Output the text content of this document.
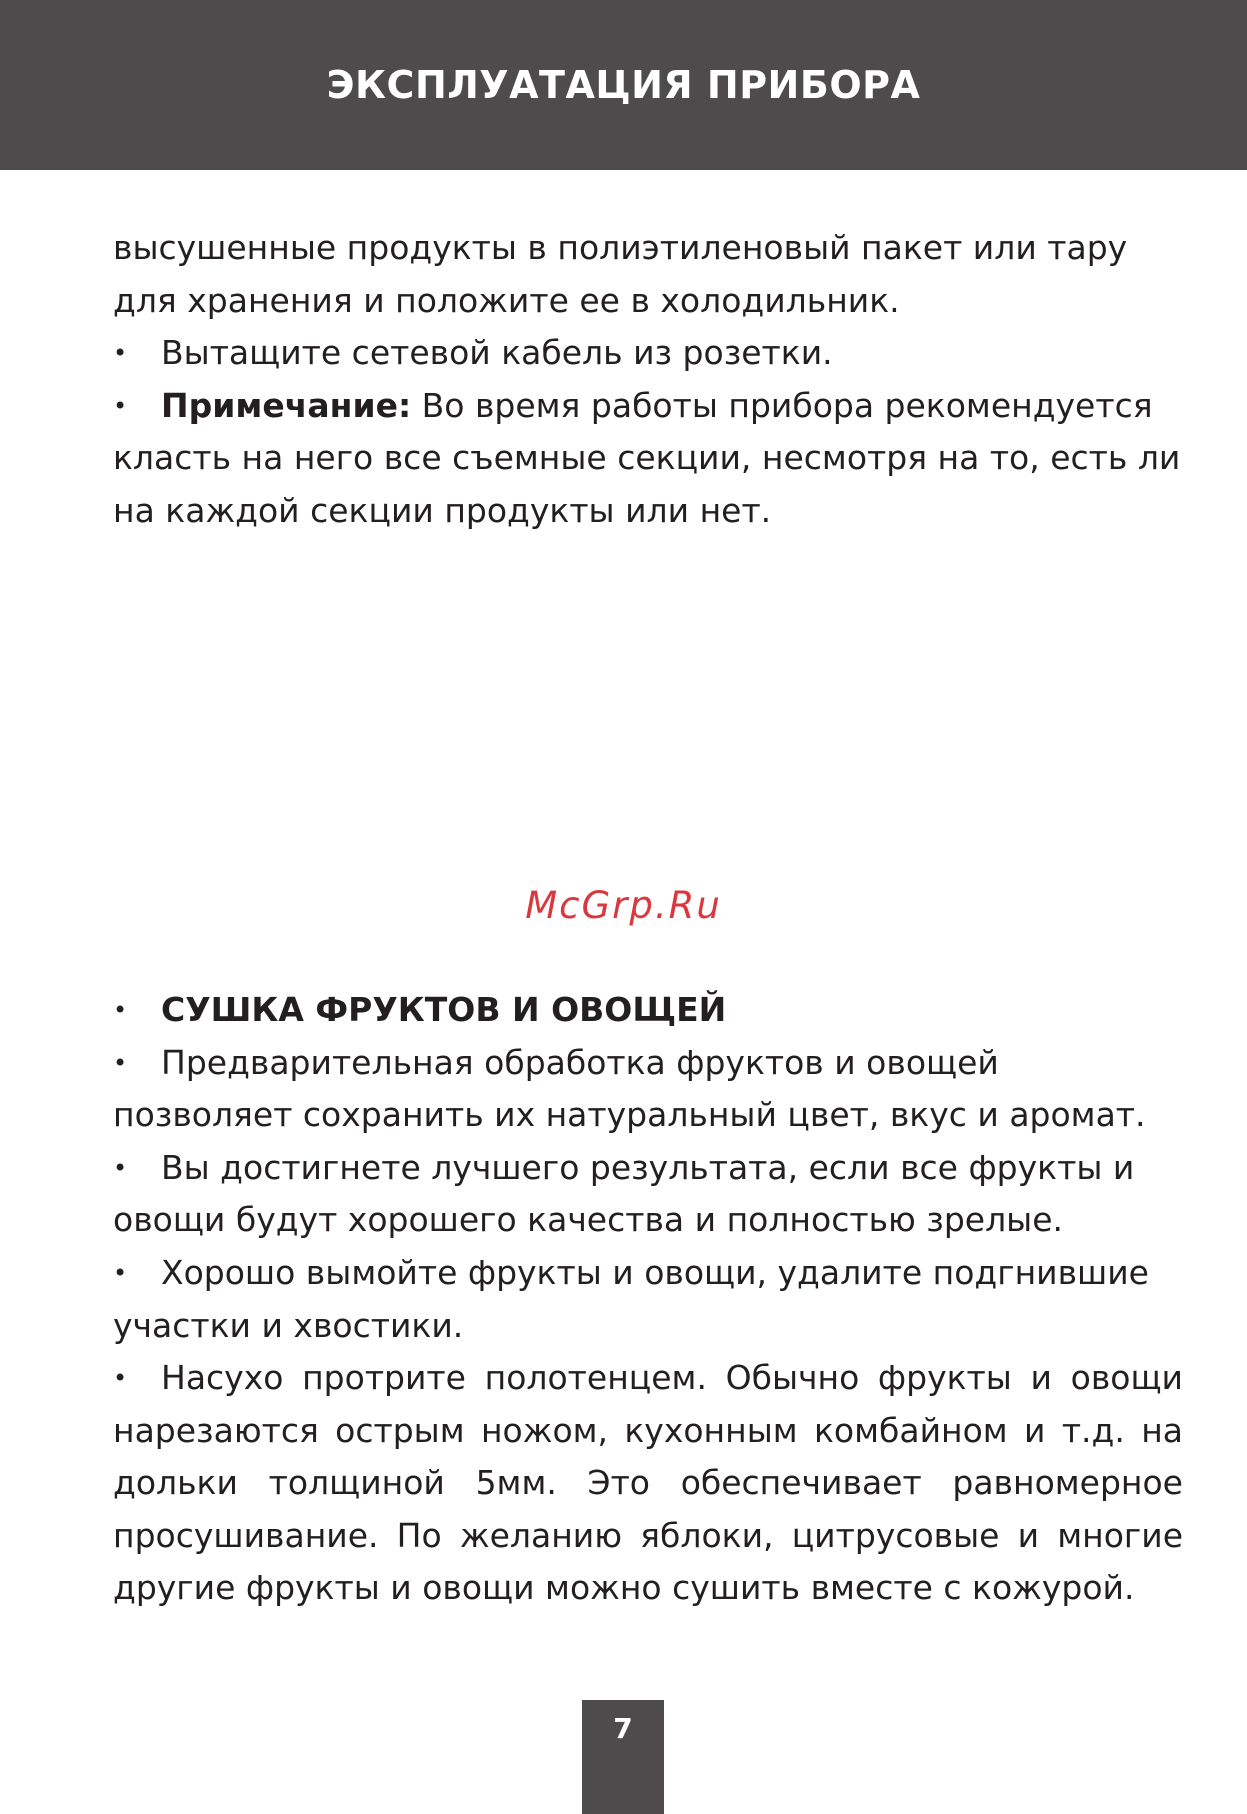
ЭКСПЛУАТАЦИЯ ПРИБОРА

высушенные продукты в полиэтиленовый пакет или тару для хранения и положите ее в холодильник.

• Вытащите сетевой кабель из розетки.

• Примечание: Во время работы прибора рекомендуется класть на него все съемные секции, несмотря на то, есть ли на каждой секции продукты или нет.

McGrp.Ru

• СУШКА ФРУКТОВ И ОВОЩЕЙ

• Предварительная обработка фруктов и овощей позволяет сохранить их натуральный цвет, вкус и аромат.

• Вы достигнете лучшего результата, если все фрукты и овощи будут хорошего качества и полностью зрелые.

• Хорошо вымойте фрукты и овощи, удалите подгнившие участки и хвостики.

• Насухо протрите полотенцем. Обычно фрукты и овощи нарезаются острым ножом, кухонным комбайном и т.д. на дольки толщиной 5мм. Это обеспечивает равномерное просушивание. По желанию яблоки, цитрусовые и многие другие фрукты и овощи можно сушить вместе с кожурой.

7
